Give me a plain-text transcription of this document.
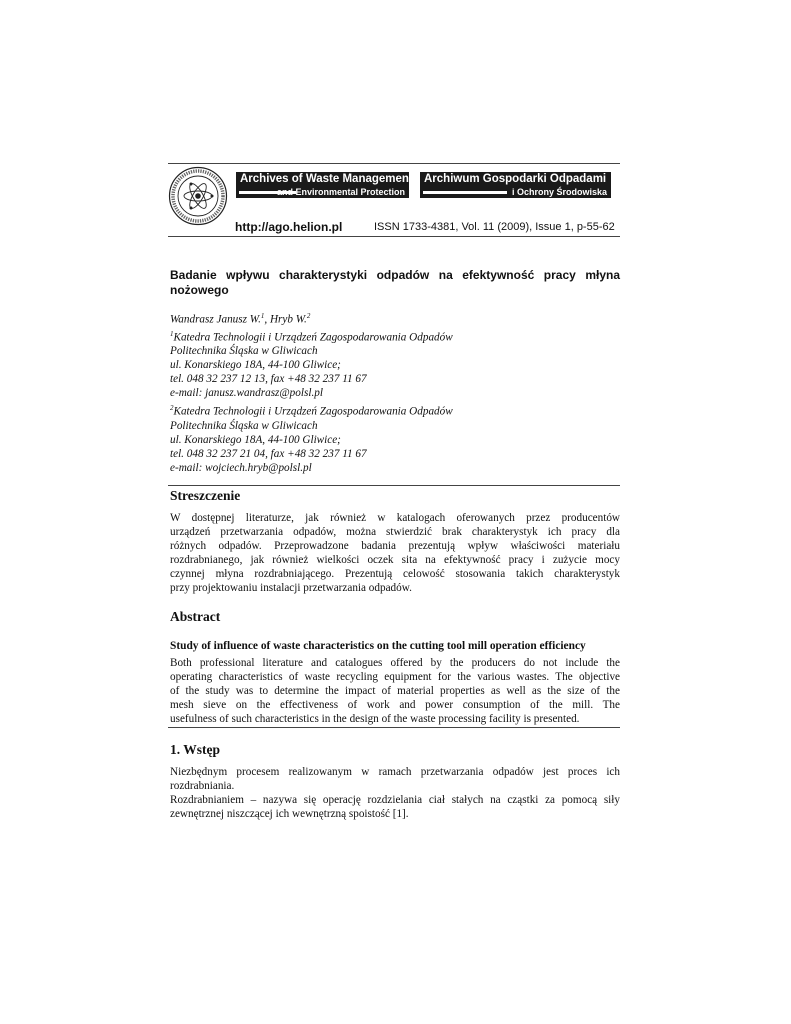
Archives of Waste Management
and Environmental Protection
Archiwum Gospodarki Odpadami
i Ochrony Środowiska
http://ago.helion.pl	ISSN 1733-4381, Vol. 11 (2009), Issue 1, p-55-62
Badanie wpływu charakterystyki odpadów na efektywność pracy młyna nożowego
Wandrasz Janusz W.$^1$, Hryb W.$^2$
$^1$Katedra Technologii i Urządzeń Zagospodarowania Odpadów
Politechnika Śląska w Gliwicach
ul. Konarskiego 18A, 44-100 Gliwice;
tel. 048 32 237 12 13, fax +48 32 237 11 67
e-mail: janusz.wandrasz@polsl.pl
$^2$Katedra Technologii i Urządzeń Zagospodarowania Odpadów
Politechnika Śląska w Gliwicach
ul. Konarskiego 18A, 44-100 Gliwice;
tel. 048 32 237 21 04, fax +48 32 237 11 67
e-mail: wojciech.hryb@polsl.pl
Streszczenie
W dostępnej literaturze, jak również w katalogach oferowanych przez producentów
urządzeń przetwarzania odpadów, można stwierdzić brak charakterystyk ich pracy dla
różnych odpadów. Przeprowadzone badania prezentują wpływ właściwości materiału
rozdrabnianego, jak również wielkości oczek sita na efektywność pracy i zużycie mocy
czynnej młyna rozdrabniającego. Prezentują celowość stosowania takich charakterystyk
przy projektowaniu instalacji przetwarzania odpadów.
Abstract
Study of influence of waste characteristics on the cutting tool mill operation efficiency
Both professional literature and catalogues offered by the producers do not include the
operating characteristics of waste recycling equipment for the various wastes. The objective
of the study was to determine the impact of material properties as well as the size of the
mesh sieve on the effectiveness of work and power consumption of the mill. The
usefulness of such characteristics in the design of the waste processing facility is presented.
1. Wstęp
Niezbędnym procesem realizowanym w ramach przetwarzania odpadów jest proces ich
rozdrabniania.
Rozdrabnianiem – nazywa się operację rozdzielania ciał stałych na cząstki za pomocą siły
zewnętrznej niszczącej ich wewnętrzną spoistość [1].
